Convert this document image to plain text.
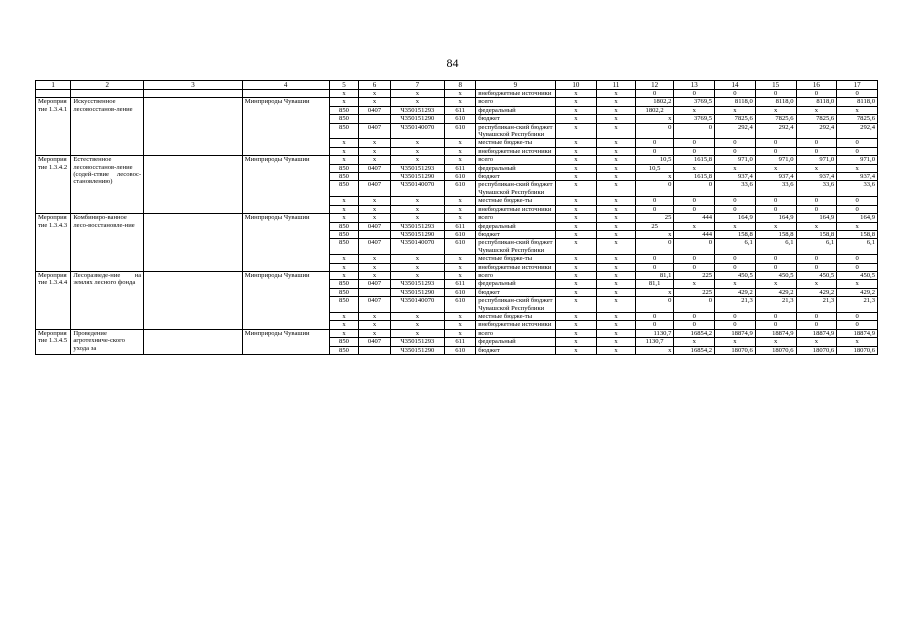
84
1	2	3	4	5	6	7	8	9	10	11	12	13	14	15	16	17
				х	х	х	х	внебюджетные источники	х	х	0	0	0	0	0	0
Мероприятие 1.3.4.1	Искусственное лесовосстанов-ление		Минприроды Чувашии	х	х	х	х	всего	х	х	1802,2	3769,5	8118,0	8118,0	8118,0	8118,0
				850	0407	Ч350151293	611	федеральный	х	х	1802,2	х	х	х	х	х
				850		Ч350151290	610	бюджет	х	х	х	3769,5	7825,6	7825,6	7825,6	7825,6
				850	0407	Ч350140070	610	республикан-ский бюджет Чувашской Республики	х	х	0	0	292,4	292,4	292,4	292,4
				х	х	х	х	местные бюдже-ты	х	х	0	0	0	0	0	0
				х	х	х	х	внебюджетные источники	х	х	0	0	0	0	0	0
Мероприятие 1.3.4.2	Естественное лесовосстанов-ление (содей-ствие лесовос-становлению)		Минприроды Чувашии	х	х	х	х	всего	х	х	10,5	1615,8	971,0	971,0	971,0	971,0
				850	0407	Ч350151293	611	федеральный	х	х	10,5	х	х	х	х	х
				850		Ч350151290	610	бюджет	х	х	х	1615,8	937,4	937,4	937,4	937,4
				850	0407	Ч350140070	610	республикан-ский бюджет Чувашской Республики	х	х	0	0	33,6	33,6	33,6	33,6
				х	х	х	х	местные бюдже-ты	х	х	0	0	0	0	0	0
				х	х	х	х	внебюджетные источники	х	х	0	0	0	0	0	0
Мероприятие 1.3.4.3	Комбиниро-ванное лесо-восстановле-ние		Минприроды Чувашии	х	х	х	х	всего	х	х	25	444	164,9	164,9	164,9	164,9
				850	0407	Ч350151293	611	федеральный	х	х	25	х	х	х	х	х
				850		Ч350151290	610	бюджет	х	х	х	444	158,8	158,8	158,8	158,8
				850	0407	Ч350140070	610	республикан-ский бюджет Чувашской Республики	х	х	0	0	6,1	6,1	6,1	6,1
				х	х	х	х	местные бюдже-ты	х	х	0	0	0	0	0	0
				х	х	х	х	внебюджетные источники	х	х	0	0	0	0	0	0
Мероприятие 1.3.4.4	Лесоразведе-ние на землях лесного фонда		Минприроды Чувашии	х	х	х	х	всего	х	х	81,1	225	450,5	450,5	450,5	450,5
				850	0407	Ч350151293	611	федеральный	х	х	81,1	х	х	х	х	х
				850		Ч350151290	610	бюджет	х	х	х	225	429,2	429,2	429,2	429,2
				850	0407	Ч350140070	610	республикан-ский бюджет Чувашской Республики	х	х	0	0	21,3	21,3	21,3	21,3
				х	х	х	х	местные бюдже-ты	х	х	0	0	0	0	0	0
				х	х	х	х	внебюджетные источники	х	х	0	0	0	0	0	0
Мероприятие 1.3.4.5	Проведение агротехниче-ского ухода за		Минприроды Чувашии	х	х	х	х	всего	х	х	1130,7	16854,2	18874,9	18874,9	18874,9	18874,9
				850	0407	Ч350151293	611	федеральный	х	х	1130,7	х	х	х	х	х
				850		Ч350151290	610	бюджет	х	х	х	16854,2	18070,6	18070,6	18070,6	18070,6
